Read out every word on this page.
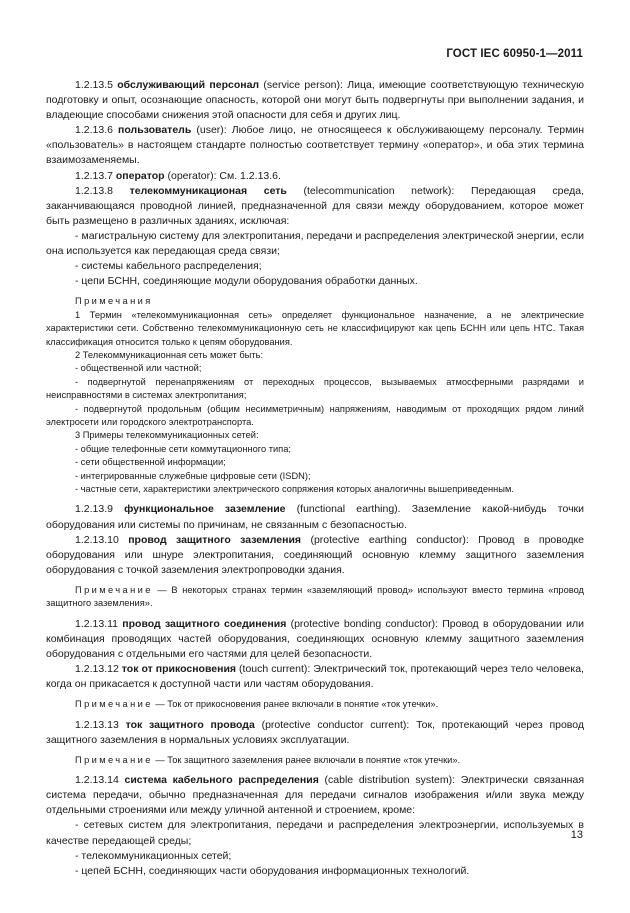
ГОСТ IEC 60950-1—2011

1.2.13.5 обслуживающий персонал (service person): Лица, имеющие соответствующую техническую подготовку и опыт, осознающие опасность, которой они могут быть подвергнуты при выполнении задания, и владеющие способами снижения этой опасности для себя и других лиц.

1.2.13.6 пользователь (user): Любое лицо, не относящееся к обслуживающему персоналу. Термин «пользователь» в настоящем стандарте полностью соответствует термину «оператор», и оба этих термина взаимозаменяемы.

1.2.13.7 оператор (operator): См. 1.2.13.6.

1.2.13.8 телекоммуникационая сеть (telecommunication network): Передающая среда, заканчивающаяся проводной линией, предназначенной для связи между оборудованием, которое может быть размещено в различных зданиях, исключая:

- магистральную систему для электропитания, передачи и распределения электрической энергии, если она используется как передающая среда связи;

- системы кабельного распределения;

- цепи БСНН, соединяющие модули оборудования обработки данных.

Примечания

1 Термин «телекоммуникационная сеть» определяет функциональное назначение, а не электрические характеристики сети. Собственно телекоммуникационную сеть не классифицируют как цепь БСНН или цепь НТС. Такая классификация относится только к цепям оборудования.

2 Телекоммуникационная сеть может быть:

- общественной или частной;

- подвергнутой перенапряжениям от переходных процессов, вызываемых атмосферными разрядами и неисправностями в системах электропитания;

- подвергнутой продольным (общим несимметричным) напряжениям, наводимым от проходящих рядом линий электросети или городского электротранспорта.

3 Примеры телекоммуникационных сетей:

- общие телефонные сети коммутационного типа;

- сети общественной информации;

- интегрированные служебные цифровые сети (ISDN);

- частные сети, характеристики электрического сопряжения которых аналогичны вышеприведенным.

1.2.13.9 функциональное заземление (functional earthing). Заземление какой-нибудь точки оборудования или системы по причинам, не связанным с безопасностью.

1.2.13.10 провод защитного заземления (protective earthing conductor): Провод в проводке оборудования или шнуре электропитания, соединяющий основную клемму защитного заземления оборудования с точкой заземления электропроводки здания.

Примечание — В некоторых странах термин «заземляющий провод» используют вместо термина «провод защитного заземления».

1.2.13.11 провод защитного соединения (protective bonding conductor): Провод в оборудовании или комбинация проводящих частей оборудования, соединяющих основную клемму защитного заземления оборудования с отдельными его частями для целей безопасности.

1.2.13.12 ток от прикосновения (touch current): Электрический ток, протекающий через тело человека, когда он прикасается к доступной части или частям оборудования.

Примечание — Ток от прикосновения ранее включали в понятие «ток утечки».

1.2.13.13 ток защитного провода (protective conductor current): Ток, протекающий через провод защитного заземления в нормальных условиях эксплуатации.

Примечание — Ток защитного заземления ранее включали в понятие «ток утечки».

1.2.13.14 система кабельного распределения (cable distribution system): Электрически связанная система передачи, обычно предназначенная для передачи сигналов изображения и/или звука между отдельными строениями или между уличной антенной и строением, кроме:

- сетевых систем для электропитания, передачи и распределения электроэнергии, используемых в качестве передающей среды;

- телекоммуникационных сетей;

- цепей БСНН, соединяющих части оборудования информационных технологий.

13
